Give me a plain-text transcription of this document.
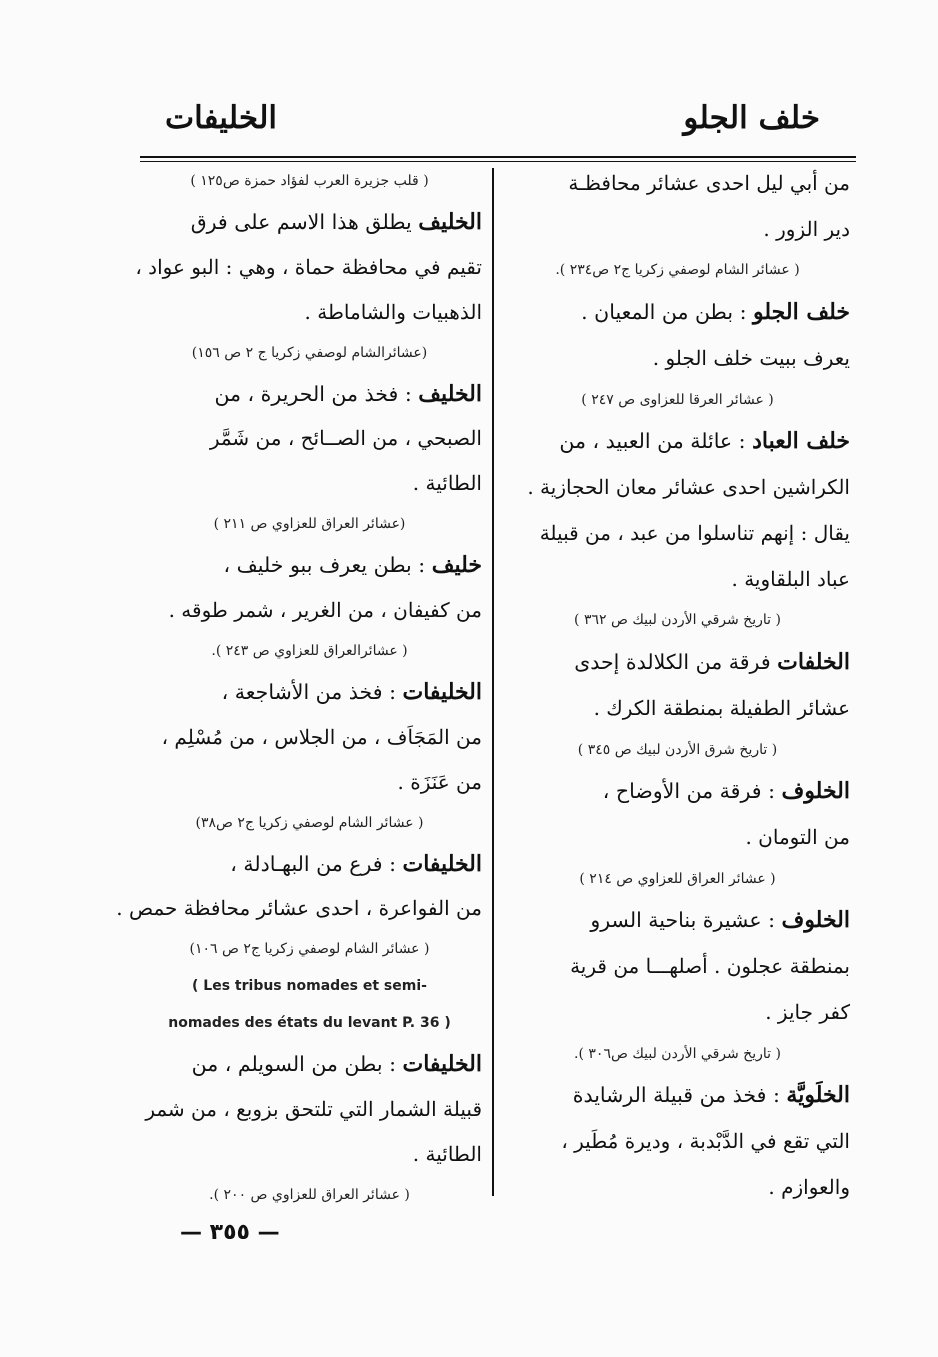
خلف الجلو
الخليفات
من أبي ليل احدى عشائر محافظـة
دير الزور .
( عشائر الشام لوصفي زكريا ج٢ ص٢٣٤ ).
خلف الجلو : بطن من المعيان .
يعرف ببيت خلف الجلو .
( عشائر العرقا للعزاوى ص ٢٤٧ )
خلف العباد : عائلة من العبيد ، من
الكراشين احدى عشائر معان الحجازية .
يقال : إنهم تناسلوا من عبد ، من قبيلة
عباد البلقاوية .
( تاريخ شرقي الأردن لبيك ص ٣٦٢ )
الخلفات فرقة من الكلالدة إحدى
عشائر الطفيلة بمنطقة الكرك .
( تاريخ شرق الأردن لبيك ص ٣٤٥ )
الخلوف : فرقة من الأوضاح ،
من التومان .
( عشائر العراق للعزاوي ص ٢١٤ )
الخلوف : عشيرة بناحية السرو
بمنطقة عجلون . أصلهـــا من قرية
كفر جايز .
( تاريخ شرقي الأردن لبيك ص٣٠٦ ).
الخلَويَّة : فخذ من قبيلة الرشايدة
التي تقع في الدَّبْدبة ، وديرة مُطَير ،
والعوازم .
( قلب جزيرة العرب لفؤاد حمزة ص١٢٥ )
الخليف يطلق هذا الاسم على فرق
تقيم في محافظة حماة ، وهي : البو عواد ،
الذهبيات والشاماطة .
(عشائرالشام لوصفي زكريا ج ٢ ص ١٥٦)
الخليف : فخذ من الحريرة ، من
الصبحي ، من الصــائح ، من شَمَّر
الطائية .
(عشائر العراق للعزاوي ص ٢١١ )
خليف : بطن يعرف ببو خليف ،
من كفيفان ، من الغرير ، شمر طوقه .
( عشائرالعراق للعزاوي ص ٢٤٣ ).
الخليفات : فخذ من الأشاجعة ،
من المَجَاَف ، من الجلاس ، من مُسْلِم ،
من عَنَزَة .
( عشائر الشام لوصفي زكريا ج٢ ص٣٨)
الخليفات : فرع من البهـادلة ،
من الفواعرة ، احدى عشائر محافظة حمص .
( عشائر الشام لوصفي زكريا ج٢ ص ١٠٦)
( Les tribus nomades et semi-
nomades des états du levant P. 36 )
الخليفات : بطن من السويلم ، من
قبيلة الشمار التي تلتحق بزوبع ، من شمر
الطائية .
( عشائر العراق للعزاوي ص ٢٠٠ ).
— ٣٥٥ —
